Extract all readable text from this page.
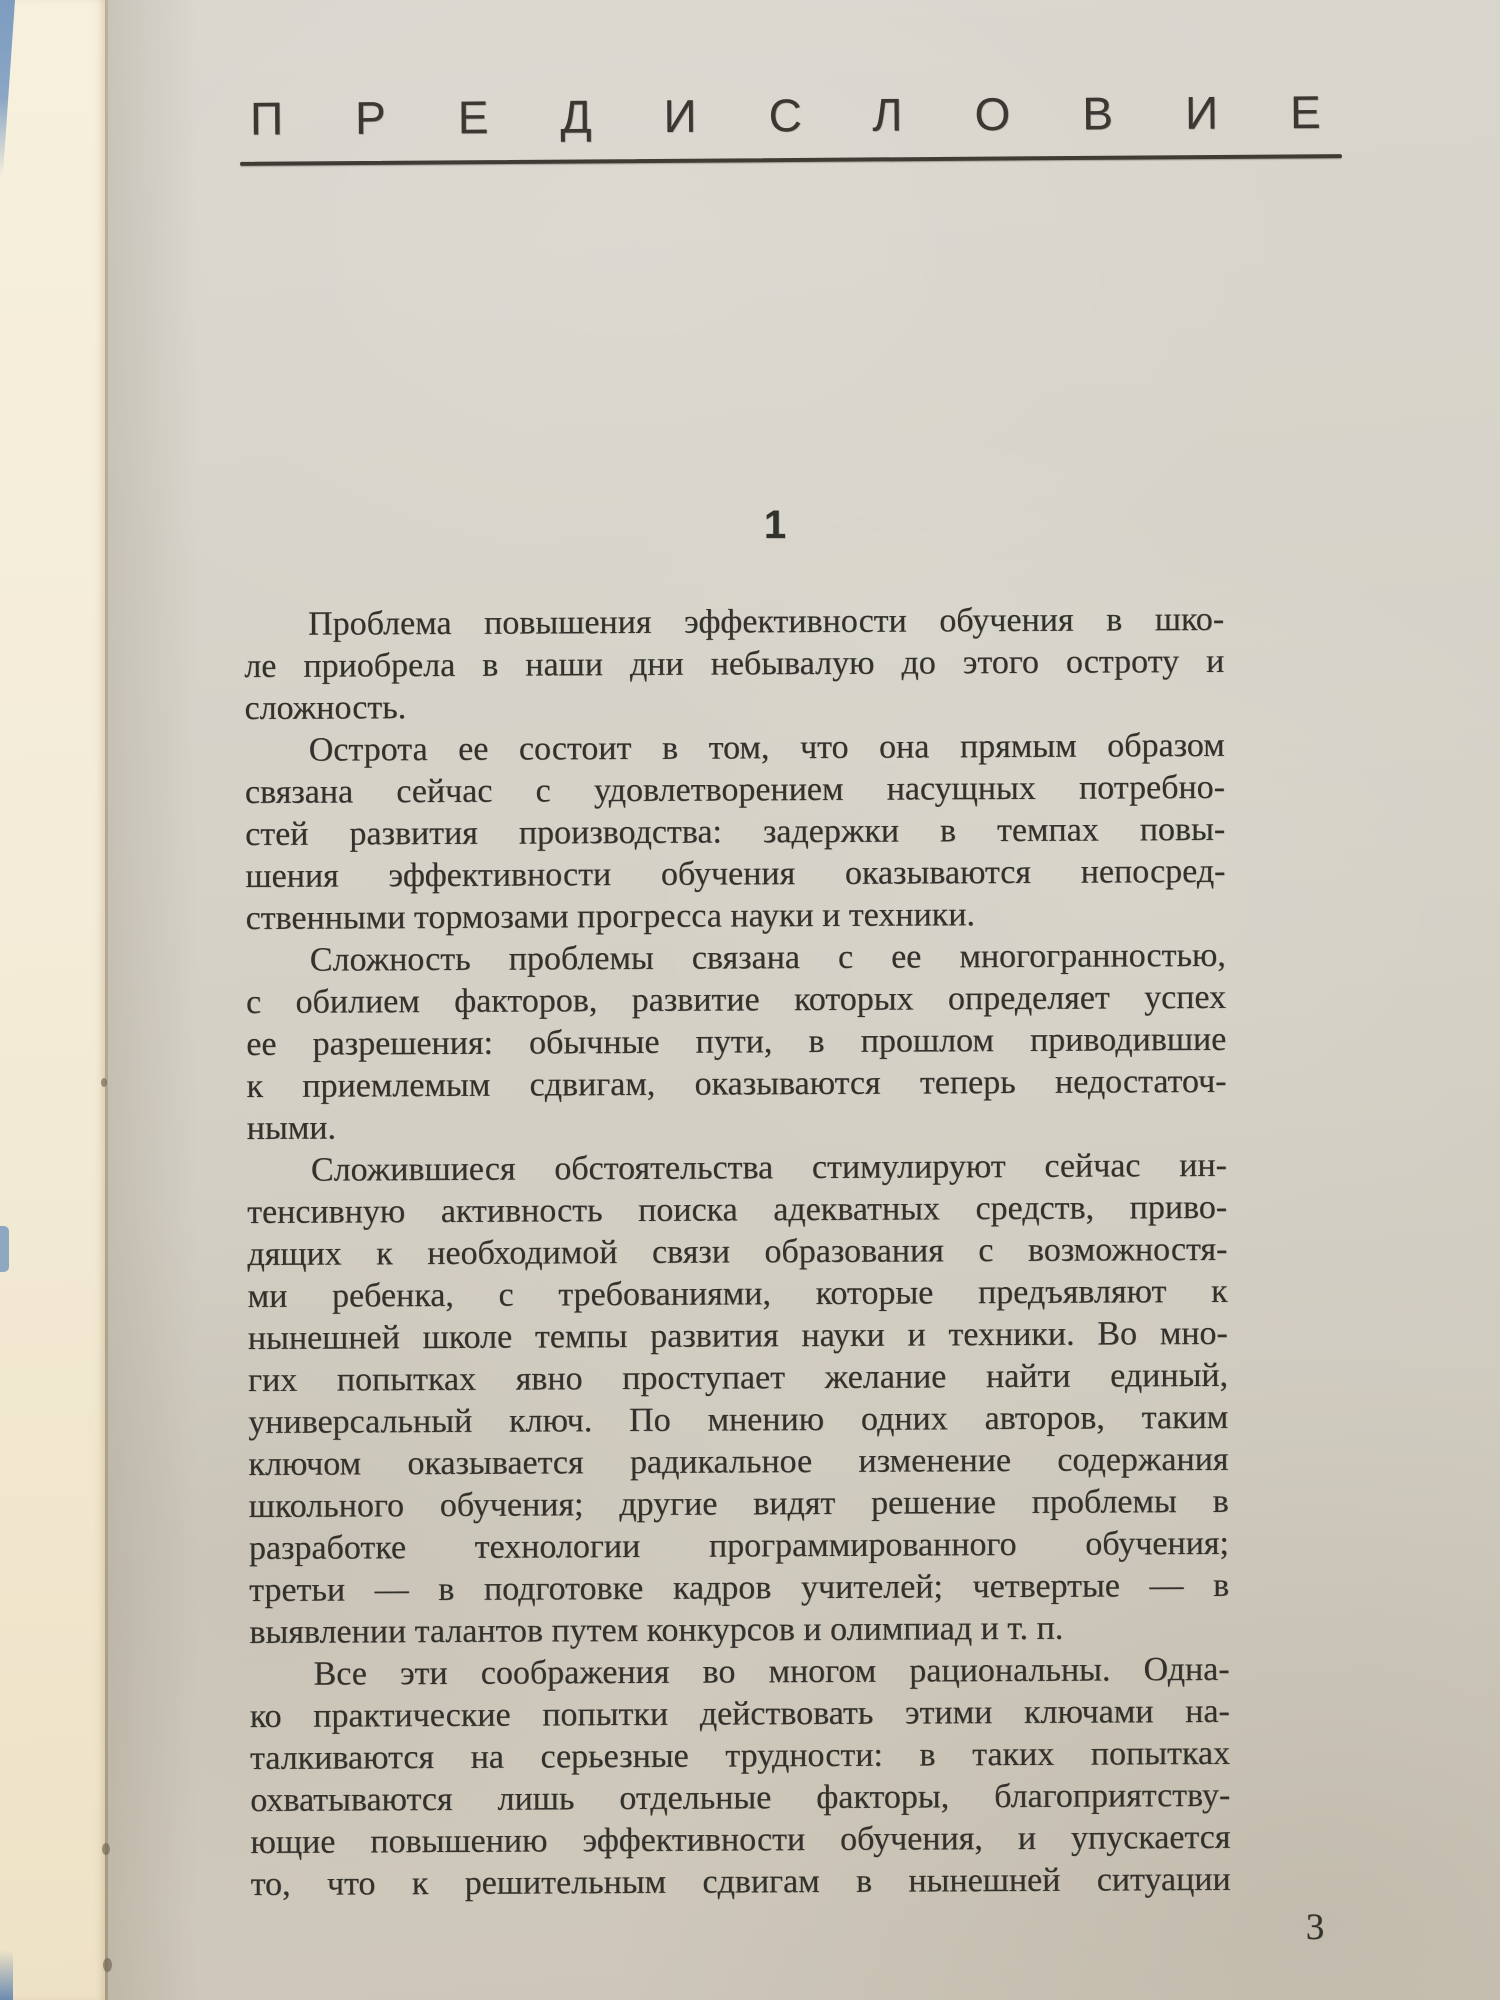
ПРЕДИСЛОВИЕ
1
Проблема повышения эффективности обучения в шко-
ле приобрела в наши дни небывалую до этого остроту и
сложность.
Острота ее состоит в том, что она прямым образом
связана сейчас с удовлетворением насущных потребно-
стей развития производства: задержки в темпах повы-
шения эффективности обучения оказываются непосред-
ственными тормозами прогресса науки и техники.
Сложность проблемы связана с ее многогранностью,
с обилием факторов, развитие которых определяет успех
ее разрешения: обычные пути, в прошлом приводившие
к приемлемым сдвигам, оказываются теперь недостаточ-
ными.
Сложившиеся обстоятельства стимулируют сейчас ин-
тенсивную активность поиска адекватных средств, приво-
дящих к необходимой связи образования с возможностя-
ми ребенка, с требованиями, которые предъявляют к
нынешней школе темпы развития науки и техники. Во мно-
гих попытках явно проступает желание найти единый,
универсальный ключ. По мнению одних авторов, таким
ключом оказывается радикальное изменение содержания
школьного обучения; другие видят решение проблемы в
разработке технологии программированного обучения;
третьи — в подготовке кадров учителей; четвертые — в
выявлении талантов путем конкурсов и олимпиад и т. п.
Все эти соображения во многом рациональны. Одна-
ко практические попытки действовать этими ключами на-
талкиваются на серьезные трудности: в таких попытках
охватываются лишь отдельные факторы, благоприятству-
ющие повышению эффективности обучения, и упускается
то, что к решительным сдвигам в нынешней ситуации
3
